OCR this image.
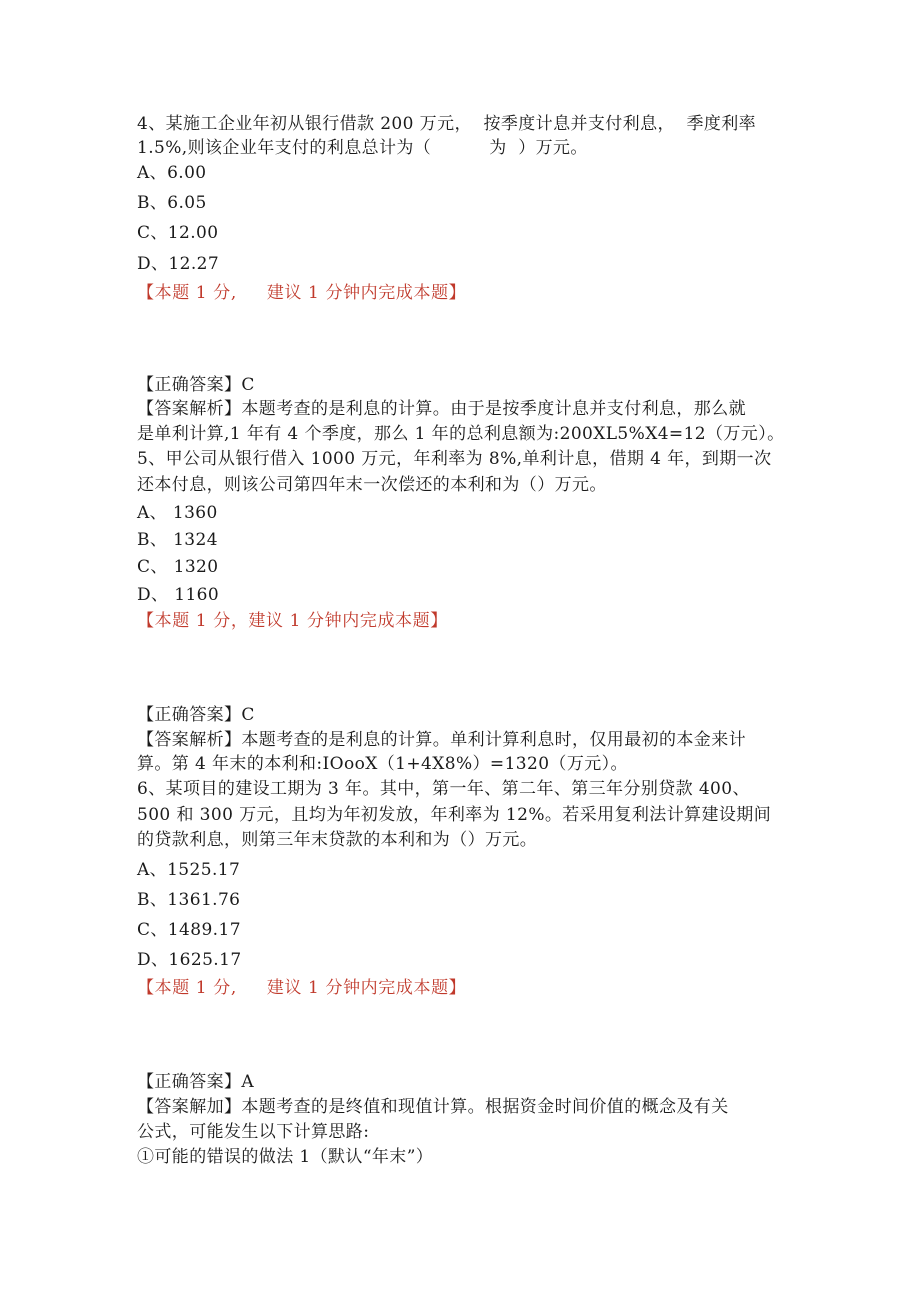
4、某施工企业年初从银行借款 200 万元，  按季度计息并支付利息，  季度利率
1.5%,则该企业年支付的利息总计为（          为  ）万元。
A、6.00
B、6.05
C、12.00
D、12.27
【本题 1 分,     建议 1 分钟内完成本题】
【正确答案】C
【答案解析】本题考查的是利息的计算。由于是按季度计息并支付利息，那么就
是单利计算,1 年有 4 个季度，那么 1 年的总利息额为:200XL5%X4=12（万元）。
5、甲公司从银行借入 1000 万元，年利率为 8%,单利计息，借期 4 年，到期一次
还本付息，则该公司第四年末一次偿还的本利和为（）万元。
A、 1360
B、 1324
C、 1320
D、 1160
【本题 1 分，建议 1 分钟内完成本题】
【正确答案】C
【答案解析】本题考查的是利息的计算。单利计算利息时，仅用最初的本金来计
算。第 4 年末的本利和:IOooX（1+4X8%）=1320（万元）。
6、某项目的建设工期为 3 年。其中，第一年、第二年、第三年分别贷款 400、
500 和 300 万元，且均为年初发放，年利率为 12%。若采用复利法计算建设期间
的贷款利息，则第三年末贷款的本利和为（）万元。
A、1525.17
B、1361.76
C、1489.17
D、1625.17
【本题 1 分,     建议 1 分钟内完成本题】
【正确答案】A
【答案解加】本题考查的是终值和现值计算。根据资金时间价值的概念及有关
公式，可能发生以下计算思路:
①可能的错误的做法 1（默认“年末”）
